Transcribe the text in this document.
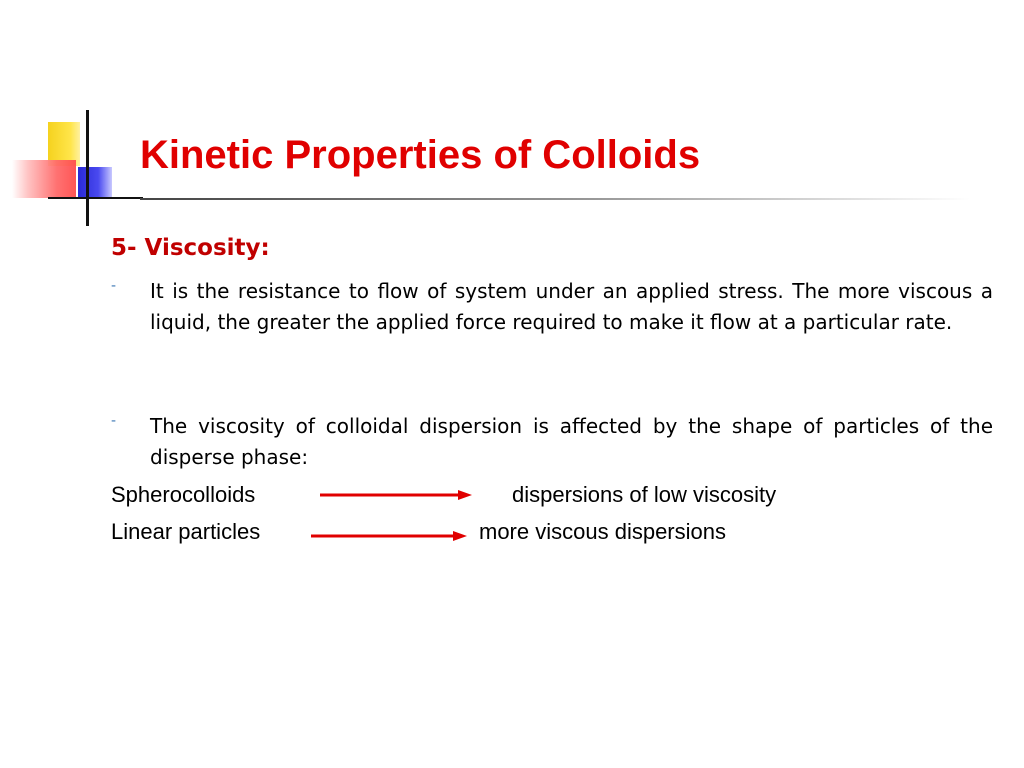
Kinetic Properties of Colloids
5- Viscosity:
-	It is the resistance to flow of system under an applied stress. The more viscous a liquid, the greater the applied force required to make it flow at a particular rate.
-	The viscosity of colloidal dispersion is affected by the shape of particles of the disperse phase:
Spherocolloids	dispersions of low viscosity
Linear particles	more viscous dispersions
